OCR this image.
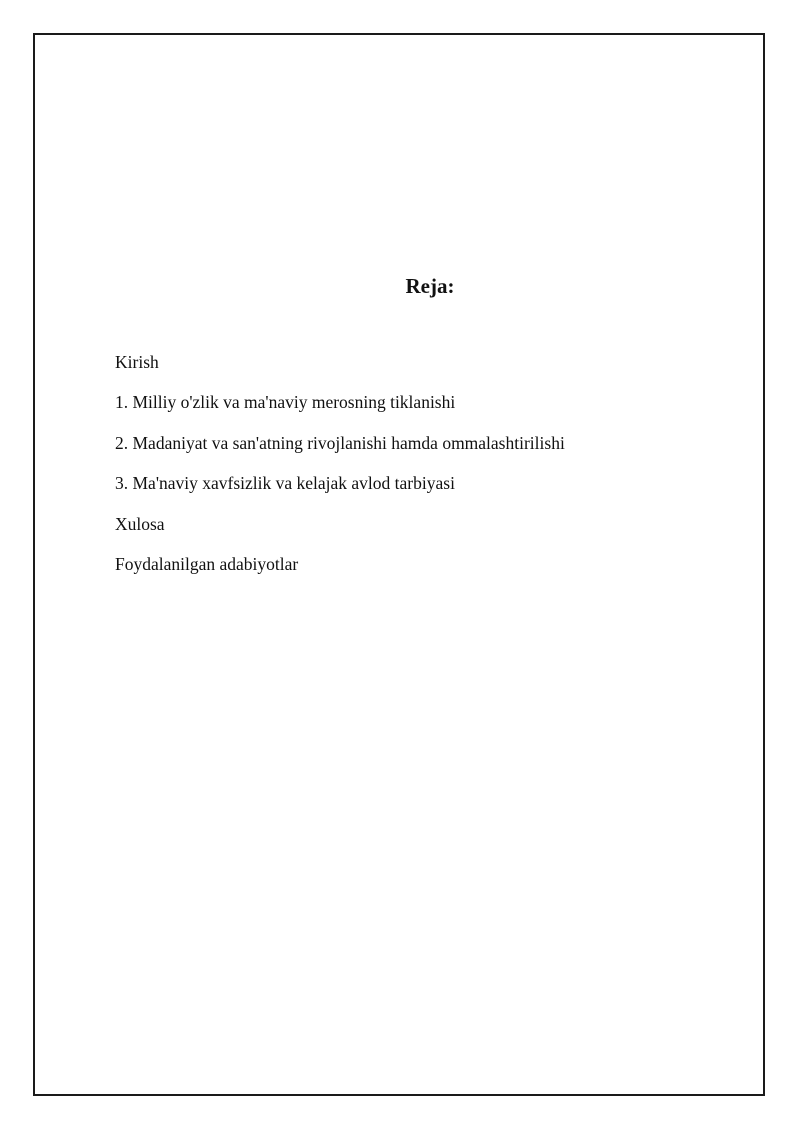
Reja:
Kirish
1. Milliy o'zlik va ma'naviy merosning tiklanishi
2. Madaniyat va san'atning rivojlanishi hamda ommalashtirilishi
3. Ma'naviy xavfsizlik va kelajak avlod tarbiyasi
Xulosa
Foydalanilgan adabiyotlar
